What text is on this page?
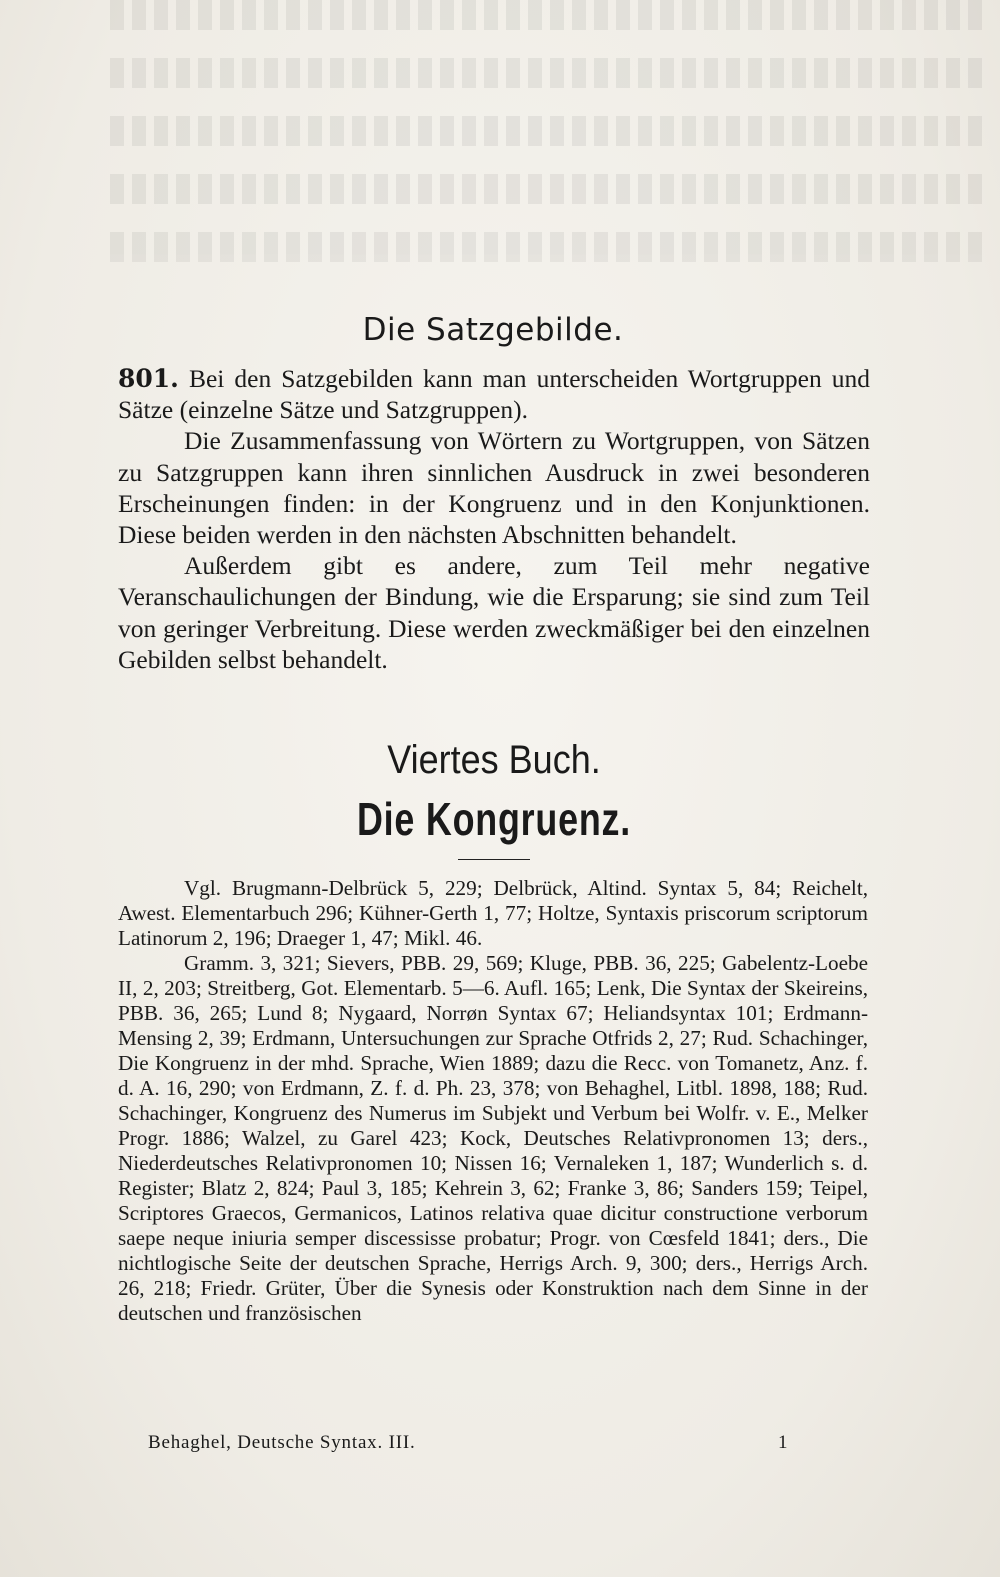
Die Satzgebilde.

801. Bei den Satzgebilden kann man unterscheiden Wortgruppen und Sätze (einzelne Sätze und Satzgruppen).

Die Zusammenfassung von Wörtern zu Wortgruppen, von Sätzen zu Satzgruppen kann ihren sinnlichen Ausdruck in zwei besonderen Erscheinungen finden: in der Kongruenz und in den Konjunktionen. Diese beiden werden in den nächsten Abschnitten behandelt.

Außerdem gibt es andere, zum Teil mehr negative Veranschaulichungen der Bindung, wie die Ersparung; sie sind zum Teil von geringer Verbreitung. Diese werden zweckmäßiger bei den einzelnen Gebilden selbst behandelt.

Viertes Buch.
Die Kongruenz.

Vgl. Brugmann-Delbrück 5, 229; Delbrück, Altind. Syntax 5, 84; Reichelt, Awest. Elementarbuch 296; Kühner-Gerth 1, 77; Holtze, Syntaxis priscorum scriptorum Latinorum 2, 196; Draeger 1, 47; Mikl. 46.

Gramm. 3, 321; Sievers, PBB. 29, 569; Kluge, PBB. 36, 225; Gabelentz-Loebe II, 2, 203; Streitberg, Got. Elementarb. 5—6. Aufl. 165; Lenk, Die Syntax der Skeireins, PBB. 36, 265; Lund 8; Nygaard, Norrøn Syntax 67; Heliandsyntax 101; Erdmann-Mensing 2, 39; Erdmann, Untersuchungen zur Sprache Otfrids 2, 27; Rud. Schachinger, Die Kongruenz in der mhd. Sprache, Wien 1889; dazu die Recc. von Tomanetz, Anz. f. d. A. 16, 290; von Erdmann, Z. f. d. Ph. 23, 378; von Behaghel, Litbl. 1898, 188; Rud. Schachinger, Kongruenz des Numerus im Subjekt und Verbum bei Wolfr. v. E., Melker Progr. 1886; Walzel, zu Garel 423; Kock, Deutsches Relativpronomen 13; ders., Niederdeutsches Relativpronomen 10; Nissen 16; Vernaleken 1, 187; Wunderlich s. d. Register; Blatz 2, 824; Paul 3, 185; Kehrein 3, 62; Franke 3, 86; Sanders 159; Teipel, Scriptores Graecos, Germanicos, Latinos relativa quae dicitur constructione verborum saepe neque iniuria semper discessisse probatur; Progr. von Cœsfeld 1841; ders., Die nichtlogische Seite der deutschen Sprache, Herrigs Arch. 9, 300; ders., Herrigs Arch. 26, 218; Friedr. Grüter, Über die Synesis oder Konstruktion nach dem Sinne in der deutschen und französischen

Behaghel, Deutsche Syntax. III.	1
